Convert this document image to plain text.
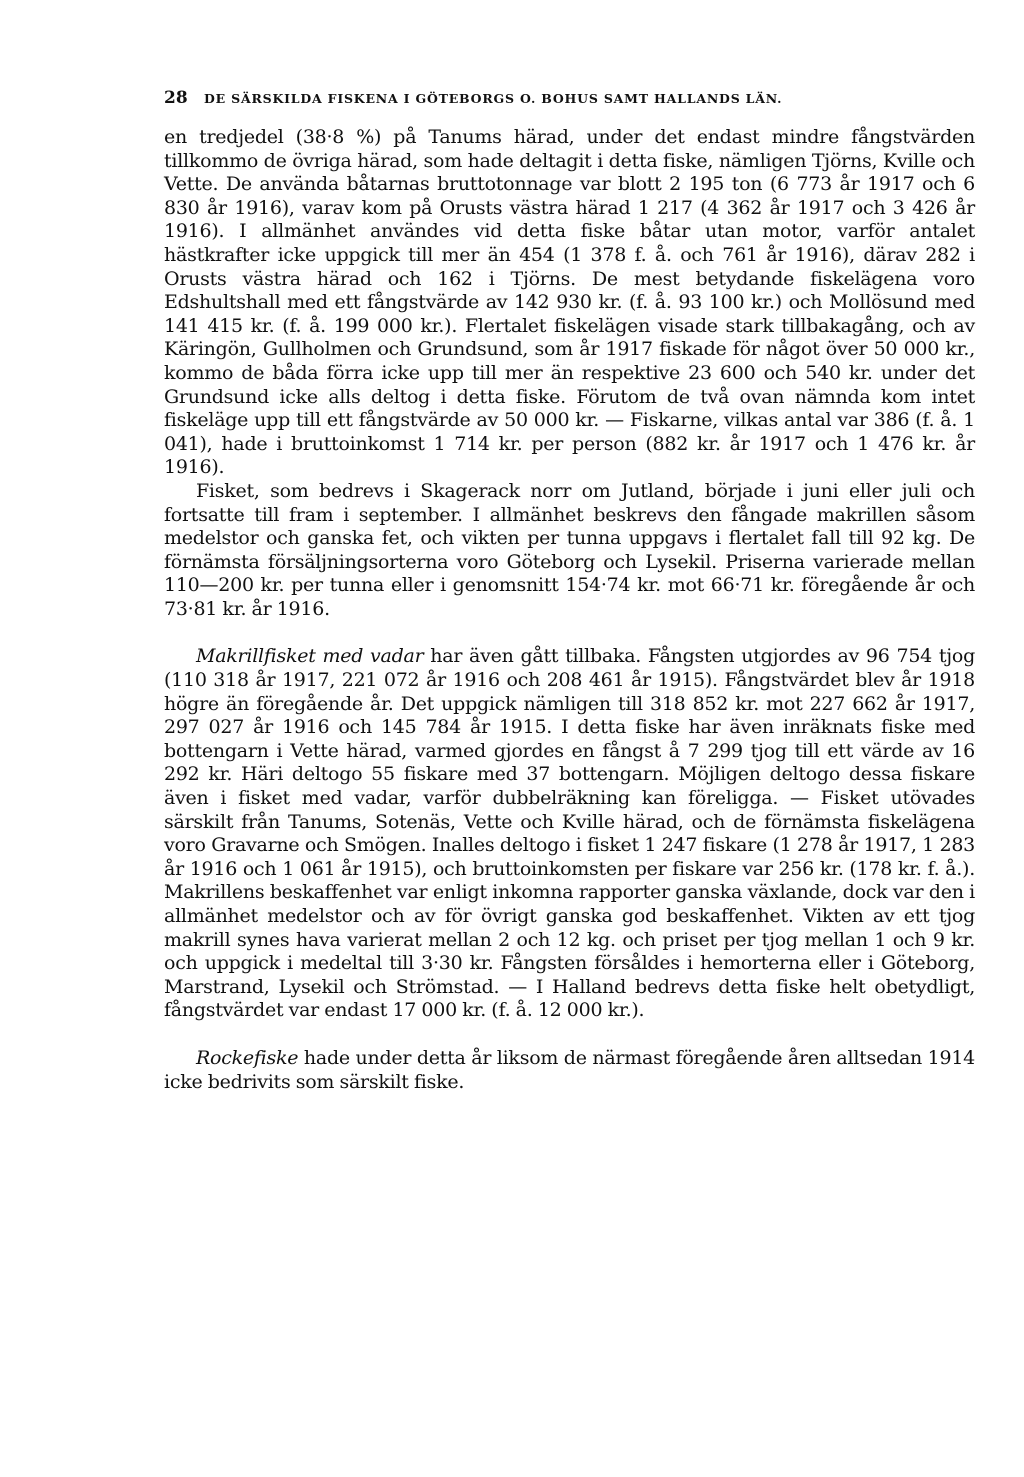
28	DE SÄRSKILDA FISKENA I GÖTEBORGS O. BOHUS SAMT HALLANDS LÄN.

en tredjedel (38·8 %) på Tanums härad, under det endast mindre fångstvärden tillkommo de övriga härad, som hade deltagit i detta fiske, nämligen Tjörns, Kville och Vette. De använda båtarnas bruttotonnage var blott 2 195 ton (6 773 år 1917 och 6 830 år 1916), varav kom på Orusts västra härad 1 217 (4 362 år 1917 och 3 426 år 1916). I allmänhet användes vid detta fiske båtar utan motor, varför antalet hästkrafter icke uppgick till mer än 454 (1 378 f. å. och 761 år 1916), därav 282 i Orusts västra härad och 162 i Tjörns. De mest betydande fiskelägena voro Edshultshall med ett fångstvärde av 142 930 kr. (f. å. 93 100 kr.) och Mollösund med 141 415 kr. (f. å. 199 000 kr.). Flertalet fiskelägen visade stark tillbakagång, och av Käringön, Gullholmen och Grundsund, som år 1917 fiskade för något över 50 000 kr., kommo de båda förra icke upp till mer än respektive 23 600 och 540 kr. under det Grundsund icke alls deltog i detta fiske. Förutom de två ovan nämnda kom intet fiskeläge upp till ett fångstvärde av 50 000 kr. — Fiskarne, vilkas antal var 386 (f. å. 1 041), hade i bruttoinkomst 1 714 kr. per person (882 kr. år 1917 och 1 476 kr. år 1916).

Fisket, som bedrevs i Skagerack norr om Jutland, började i juni eller juli och fortsatte till fram i september. I allmänhet beskrevs den fångade makrillen såsom medelstor och ganska fet, och vikten per tunna uppgavs i flertalet fall till 92 kg. De förnämsta försäljningsorterna voro Göteborg och Lysekil. Priserna varierade mellan 110—200 kr. per tunna eller i genomsnitt 154·74 kr. mot 66·71 kr. föregående år och 73·81 kr. år 1916.

Makrillfisket med vadar har även gått tillbaka. Fångsten utgjordes av 96 754 tjog (110 318 år 1917, 221 072 år 1916 och 208 461 år 1915). Fångstvärdet blev år 1918 högre än föregående år. Det uppgick nämligen till 318 852 kr. mot 227 662 år 1917, 297 027 år 1916 och 145 784 år 1915. I detta fiske har även inräknats fiske med bottengarn i Vette härad, varmed gjordes en fångst å 7 299 tjog till ett värde av 16 292 kr. Häri deltogo 55 fiskare med 37 bottengarn. Möjligen deltogo dessa fiskare även i fisket med vadar, varför dubbelräkning kan föreligga. — Fisket utövades särskilt från Tanums, Sotenäs, Vette och Kville härad, och de förnämsta fiskelägena voro Gravarne och Smögen. Inalles deltogo i fisket 1 247 fiskare (1 278 år 1917, 1 283 år 1916 och 1 061 år 1915), och bruttoinkomsten per fiskare var 256 kr. (178 kr. f. å.). Makrillens beskaffenhet var enligt inkomna rapporter ganska växlande, dock var den i allmänhet medelstor och av för övrigt ganska god beskaffenhet. Vikten av ett tjog makrill synes hava varierat mellan 2 och 12 kg. och priset per tjog mellan 1 och 9 kr. och uppgick i medeltal till 3·30 kr. Fångsten försåldes i hemorterna eller i Göteborg, Marstrand, Lysekil och Strömstad. — I Halland bedrevs detta fiske helt obetydligt, fångstvärdet var endast 17 000 kr. (f. å. 12 000 kr.).

Rockefiske hade under detta år liksom de närmast föregående åren alltsedan 1914 icke bedrivits som särskilt fiske.
